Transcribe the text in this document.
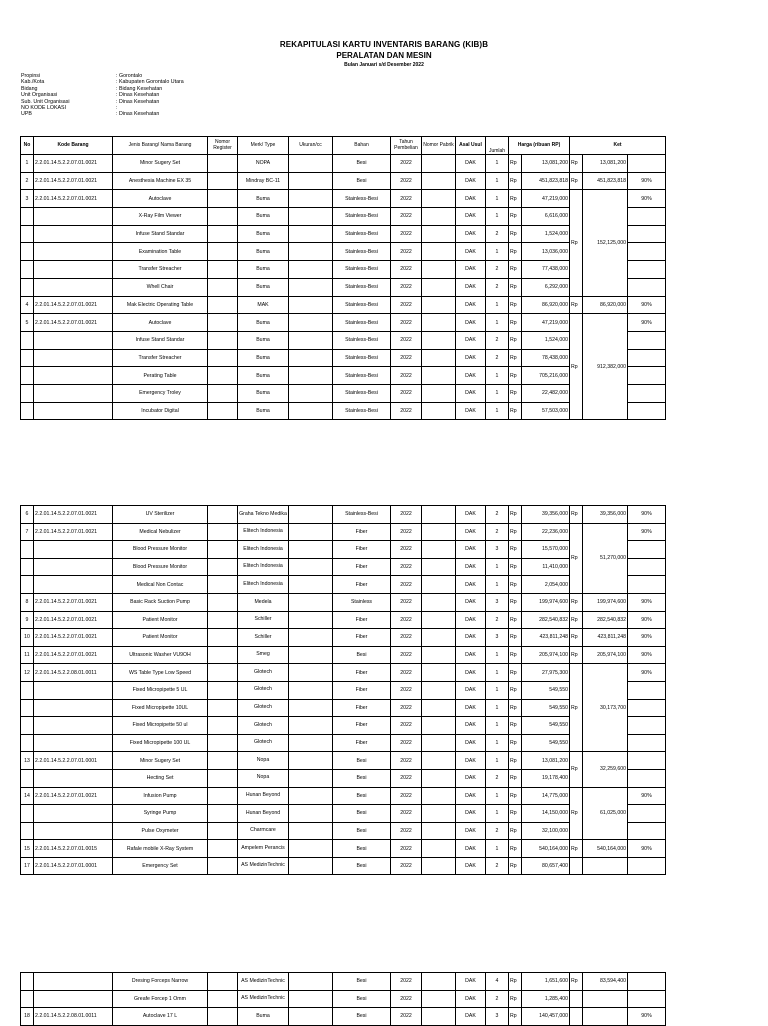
REKAPITULASI KARTU INVENTARIS BARANG (KIB)B
PERALATAN DAN MESIN
Bulan Januari s/d Desember 2022
Propinsi	: Gorontalo
Kab./Kota	: Kabupaten Gorontalo Utara
Bidang	: Bidang Kesehatan
Unit Organisasi	: Dinas Kesehatan
Sub. Unit Organisasi	: Dinas Kesehatan
NO KODE LOKASI	:
UPB	: Dinas Kesehatan
No	Kode Barang	Jenis Barang/ Nama Barang	Nomor Register	Merk/ Type	Ukuran/cc	Bahan	Tahun Pembelian	Nomor Pabrik	Asal Usul	Jumlah	Harga (ribuan RP)		Ket		

1	2.2.01.14.5.2.2.07.01.0021	Minor Sugery Set		NOPA		Besi	2022		DAK	1	Rp	13,081,200	Rp	13,081,200	
2	2.2.01.14.5.2.2.07.01.0021	Anesthesia Machine EX 35		Mindray BC-11		Besi	2022		DAK	1	Rp	451,823,818	Rp	451,823,818	90%
3	2.2.01.14.5.2.2.07.01.0021	Autoclave		Buma		Stainless-Besi	2022		DAK	1	Rp	47,219,000	Rp	152,125,000	90%
		X-Ray Film Viewer		Buma		Stainless-Besi	2022		DAK	1	Rp	6,616,000			
		Infuse Stand Standar		Buma		Stainless-Besi	2022		DAK	2	Rp	1,524,000			
		Examination Table		Buma		Stainless-Besi	2022		DAK	1	Rp	13,036,000			
		Transfer Streacher		Buma		Stainless-Besi	2022		DAK	2	Rp	77,438,000			
		Whell Chair		Buma		Stainless-Besi	2022		DAK	2	Rp	6,292,000			
4	2.2.01.14.5.2.2.07.01.0021	Mak Electric Operating Table		MAK		Stainless-Besi	2022		DAK	1	Rp	86,920,000	Rp	86,920,000	90%
5	2.2.01.14.5.2.2.07.01.0021	Autoclave		Buma		Stainless-Besi	2022		DAK	1	Rp	47,219,000	Rp	912,382,000	90%
		Infuse Stand Standar		Buma		Stainless-Besi	2022		DAK	2	Rp	1,524,000			
		Transfer Streacher		Buma		Stainless-Besi	2022		DAK	2	Rp	78,438,000			
		Perating Table		Buma		Stainless-Besi	2022		DAK	1	Rp	705,216,000			
		Emergency Troley		Buma		Stainless-Besi	2022		DAK	1	Rp	22,482,000			
		Incubator Digital		Buma		Stainless-Besi	2022		DAK	1	Rp	57,503,000			
6	2.2.01.14.5.2.2.07.01.0021	UV Sterilizer		Graha Tekno Medika		Stainless-Besi	2022		DAK	2	Rp	39,356,000	Rp	39,356,000	90%
7	2.2.01.14.5.2.2.07.01.0021	Medical Nebulizer		Elitech Indonesia		Fiber	2022		DAK	2	Rp	22,236,000	Rp	51,270,000	90%
		Blood Pressure Monitor		Elitech Indonesia		Fiber	2022		DAK	3	Rp	15,570,000			
		Blood Pressure Monitor		Elitech Indonesia		Fiber	2022		DAK	1	Rp	11,410,000			
		Medical Non Contac		Elitech Indonesia		Fiber	2022		DAK	1	Rp	2,054,000			
8	2.2.01.14.5.2.2.07.01.0021	Basic Rack Suction Pump		Medela		Stainless	2022		DAK	3	Rp	199,974,600	Rp	199,974,600	90%
9	2.2.01.14.5.2.2.07.01.0021	Patient Monitor		Schiller		Fiber	2022		DAK	2	Rp	282,540,832	Rp	282,540,832	90%
10	2.2.01.14.5.2.2.07.01.0021	Patient Monitor		Schiller		Fiber	2022		DAK	3	Rp	423,811,248	Rp	423,811,248	90%
11	2.2.01.14.5.2.2.07.01.0021	Ultrasonic Washer VU9OH		Smeg		Besi	2022		DAK	1	Rp	205,974,100	Rp	205,974,100	90%
12	2.2.01.14.5.2.2.08.01.0011	WS Table Type Low Speed		Glotech		Fiber	2022		DAK	1	Rp	27,975,300	Rp	30,173,700	90%
		Fixed Micropipette 5 UL		Glotech		Fiber	2022		DAK	1	Rp	549,550			
		Fixed Micropipette 10UL		Glotech		Fiber	2022		DAK	1	Rp	549,550			
		Fixed Micropipette 50 ul		Glotech		Fiber	2022		DAK	1	Rp	549,550			
		Fixed Micropipette 100 UL		Glotech		Fiber	2022		DAK	1	Rp	549,550			
13	2.2.01.14.5.2.2.07.01.0001	Minor Sugery Set		Nopa		Besi	2022		DAK	1	Rp	13,081,200	Rp	32,259,600	
		Hecting Set		Nopa		Besi	2022		DAK	2	Rp	19,178,400			
14	2.2.01.14.5.2.2.07.01.0021	Infusion Pump		Hunan Beyond		Besi	2022		DAK	1	Rp	14,775,000	Rp	61,025,000	90%
		Syringe Pump		Hunan Beyond		Besi	2022		DAK	1	Rp	14,150,000			
		Pulse Oxymeter		Charmcare		Besi	2022		DAK	2	Rp	32,100,000			
15	2.2.01.14.5.2.2.07.01.0015	Rafale mobile X-Ray System		Ampelem Perancis		Besi	2022		DAK	1	Rp	540,164,000	Rp	540,164,000	90%
17	2.2.01.14.5.2.2.07.01.0001	Emergency Set		AS MedizinTechnic		Besi	2022		DAK	2	Rp	80,657,400			
		Dresing Forceps Narrow		AS MedizinTechnic		Besi	2022		DAK	4	Rp	1,651,600	Rp	83,594,400	
		Greafe Forcep 1 Omm		AS MedizinTechnic		Besi	2022		DAK	2	Rp	1,285,400			
18	2.2.01.14.5.2.2.08.01.0011	Autoclave 17 L		Buma		Besi	2022		DAK	3	Rp	140,457,000			90%
